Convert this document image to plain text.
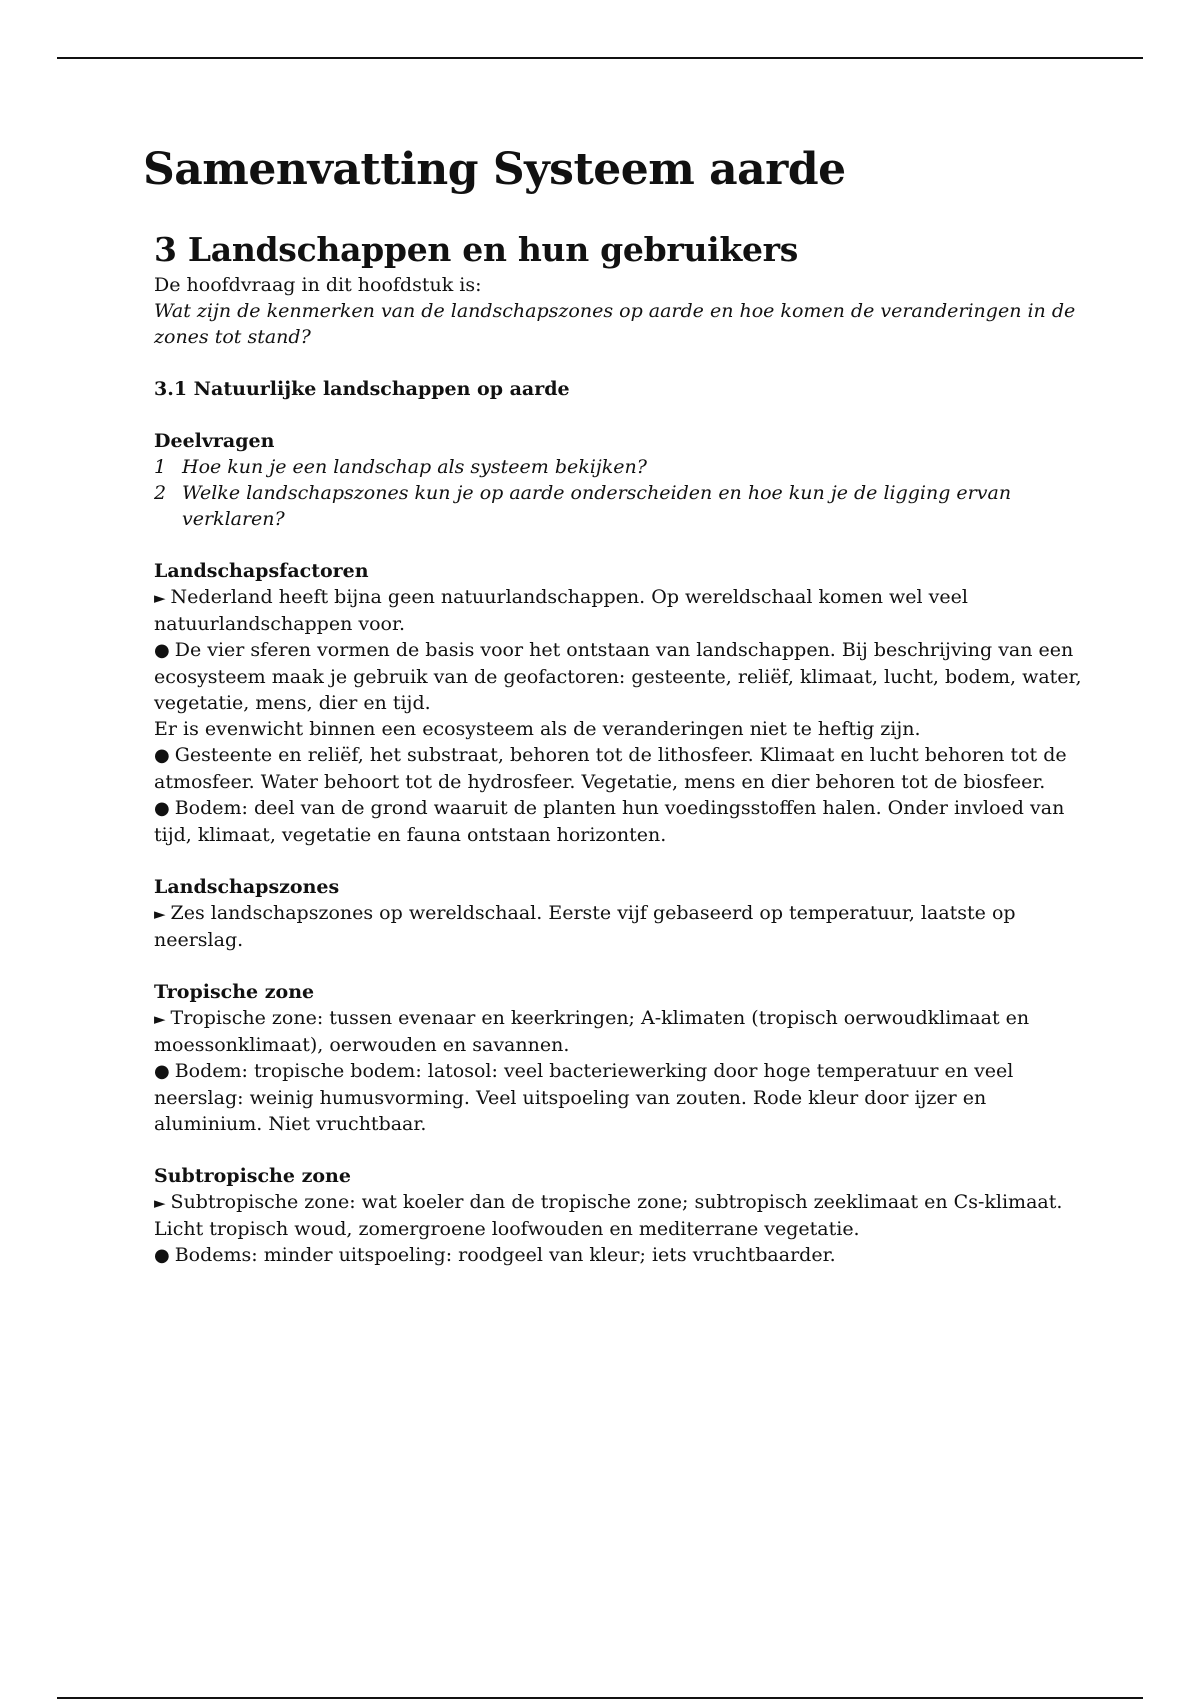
Samenvatting Systeem aarde
3 Landschappen en hun gebruikers

De hoofdvraag in dit hoofdstuk is:

Wat zijn de kenmerken van de landschapszones op aarde en hoe komen de veranderingen in de zones tot stand?

3.1 Natuurlijke landschappen op aarde
Deelvragen
1 Hoe kun je een landschap als systeem bekijken?
2 Welke landschapszones kun je op aarde onderscheiden en hoe kun je de ligging ervan verklaren?
Landschapsfactoren

► Nederland heeft bijna geen natuurlandschappen. Op wereldschaal komen wel veel natuurlandschappen voor.

● De vier sferen vormen de basis voor het ontstaan van landschappen. Bij beschrijving van een ecosysteem maak je gebruik van de geofactoren: gesteente, reliëf, klimaat, lucht, bodem, water, vegetatie, mens, dier en tijd.

Er is evenwicht binnen een ecosysteem als de veranderingen niet te heftig zijn.

● Gesteente en reliëf, het substraat, behoren tot de lithosfeer. Klimaat en lucht behoren tot de atmosfeer. Water behoort tot de hydrosfeer. Vegetatie, mens en dier behoren tot de biosfeer.

● Bodem: deel van de grond waaruit de planten hun voedingsstoffen halen. Onder invloed van tijd, klimaat, vegetatie en fauna ontstaan horizonten.

Landschapszones

► Zes landschapszones op wereldschaal. Eerste vijf gebaseerd op temperatuur, laatste op neerslag.

Tropische zone

► Tropische zone: tussen evenaar en keerkringen; A-klimaten (tropisch oerwoudklimaat en moessonklimaat), oerwouden en savannen.

● Bodem: tropische bodem: latosol: veel bacteriewerking door hoge temperatuur en veel neerslag: weinig humusvorming. Veel uitspoeling van zouten. Rode kleur door ijzer en aluminium. Niet vruchtbaar.

Subtropische zone

► Subtropische zone: wat koeler dan de tropische zone; subtropisch zeeklimaat en Cs-klimaat. Licht tropisch woud, zomergroene loofwouden en mediterrane vegetatie.

● Bodems: minder uitspoeling: roodgeel van kleur; iets vruchtbaarder.
